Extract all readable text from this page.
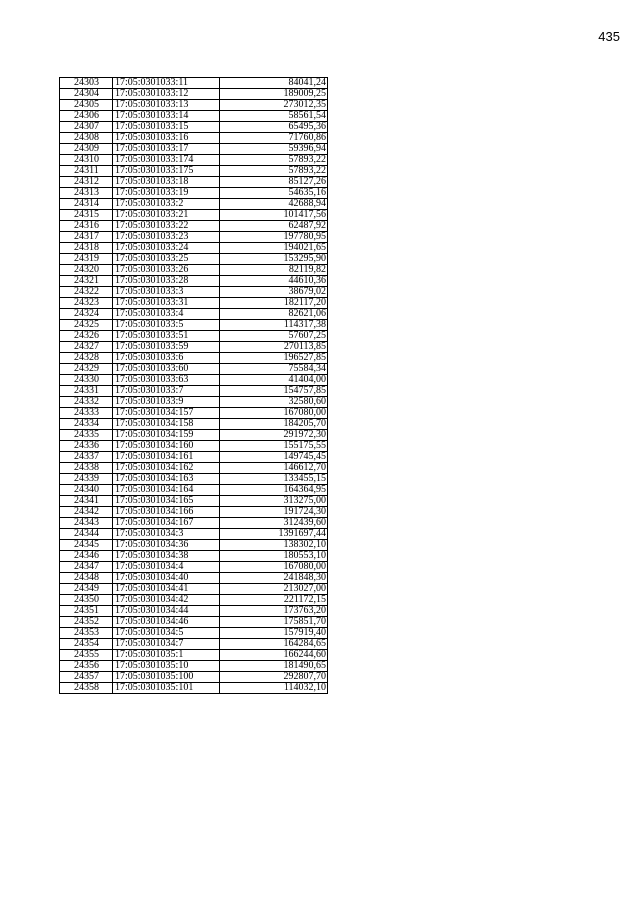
435
24303	17:05:0301033:11	84041,24
24304	17:05:0301033:12	189009,25
24305	17:05:0301033:13	273012,35
24306	17:05:0301033:14	58561,54
24307	17:05:0301033:15	65495,36
24308	17:05:0301033:16	71760,86
24309	17:05:0301033:17	59396,94
24310	17:05:0301033:174	57893,22
24311	17:05:0301033:175	57893,22
24312	17:05:0301033:18	85127,26
24313	17:05:0301033:19	54635,16
24314	17:05:0301033:2	42688,94
24315	17:05:0301033:21	101417,56
24316	17:05:0301033:22	62487,92
24317	17:05:0301033:23	197780,95
24318	17:05:0301033:24	194021,65
24319	17:05:0301033:25	153295,90
24320	17:05:0301033:26	82119,82
24321	17:05:0301033:28	44610,36
24322	17:05:0301033:3	38679,02
24323	17:05:0301033:31	182117,20
24324	17:05:0301033:4	82621,06
24325	17:05:0301033:5	114317,38
24326	17:05:0301033:51	57607,25
24327	17:05:0301033:59	270113,85
24328	17:05:0301033:6	196527,85
24329	17:05:0301033:60	75584,34
24330	17:05:0301033:63	41404,00
24331	17:05:0301033:7	154757,85
24332	17:05:0301033:9	32580,60
24333	17:05:0301034:157	167080,00
24334	17:05:0301034:158	184205,70
24335	17:05:0301034:159	291972,30
24336	17:05:0301034:160	155175,55
24337	17:05:0301034:161	149745,45
24338	17:05:0301034:162	146612,70
24339	17:05:0301034:163	133455,15
24340	17:05:0301034:164	164364,95
24341	17:05:0301034:165	313275,00
24342	17:05:0301034:166	191724,30
24343	17:05:0301034:167	312439,60
24344	17:05:0301034:3	1391697,44
24345	17:05:0301034:36	138302,10
24346	17:05:0301034:38	180553,10
24347	17:05:0301034:4	167080,00
24348	17:05:0301034:40	241848,30
24349	17:05:0301034:41	213027,00
24350	17:05:0301034:42	221172,15
24351	17:05:0301034:44	173763,20
24352	17:05:0301034:46	175851,70
24353	17:05:0301034:5	157919,40
24354	17:05:0301034:7	164284,65
24355	17:05:0301035:1	166244,60
24356	17:05:0301035:10	181490,65
24357	17:05:0301035:100	292807,70
24358	17:05:0301035:101	114032,10
